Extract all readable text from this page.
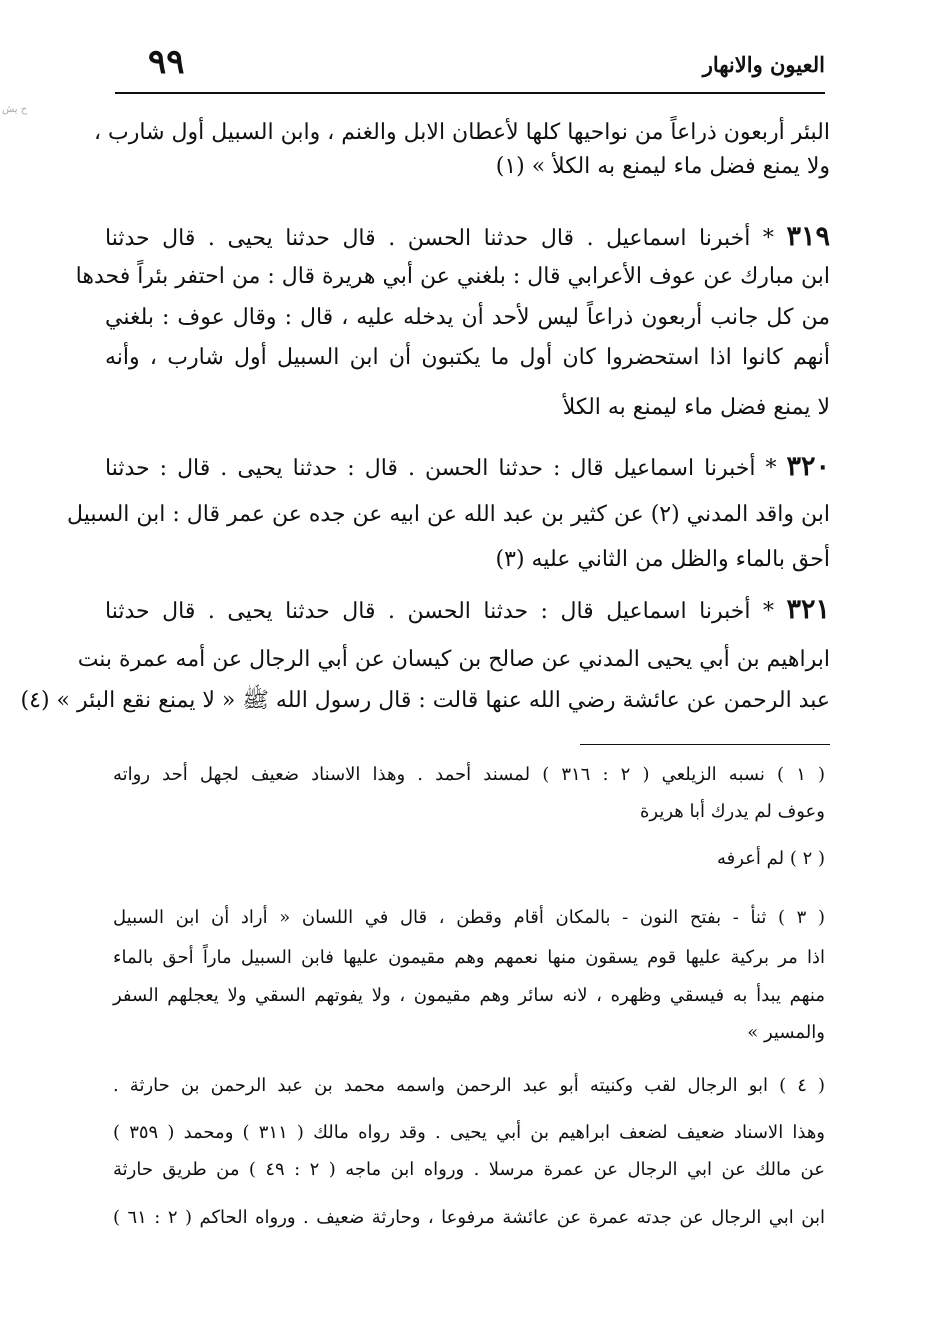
٩٩	العيون والانهار
ح يش
البئر أربعون ذراعاً من نواحيها كلها لأعطان الابل والغنم ، وابن السبيل أول شارب ،
ولا يمنع فضل ماء ليمنع به الكلأ » (١)
٣١٩ * أخبرنا اسماعيل . قال حدثنا الحسن . قال حدثنا يحيى . قال حدثنا
ابن مبارك عن عوف الأعرابي قال : بلغني عن أبي هريرة قال : من احتفر بئراً فحدها
من كل جانب أربعون ذراعاً ليس لأحد أن يدخله عليه ، قال : وقال عوف : بلغني
أنهم كانوا اذا استحضروا كان أول ما يكتبون أن ابن السبيل أول شارب ، وأنه
لا يمنع فضل ماء ليمنع به الكلأ
٣٢٠ * أخبرنا اسماعيل قال : حدثنا الحسن . قال : حدثنا يحيى . قال : حدثنا
ابن واقد المدني (٢) عن كثير بن عبد الله عن ابيه عن جده عن عمر قال : ابن السبيل
أحق بالماء والظل من الثاني عليه (٣)
٣٢١ * أخبرنا اسماعيل قال : حدثنا الحسن . قال حدثنا يحيى . قال حدثنا
ابراهيم بن أبي يحيى المدني عن صالح بن كيسان عن أبي الرجال عن أمه عمرة بنت
عبد الرحمن عن عائشة رضي الله عنها قالت : قال رسول الله ﷺ « لا يمنع نقع البئر » (٤)
( ١ ) نسبه الزيلعي ( ٢ : ٣١٦ ) لمسند أحمد . وهذا الاسناد ضعيف لجهل أحد رواته
وعوف لم يدرك أبا هريرة
( ٢ ) لم أعرفه
( ٣ ) ثنأ - بفتح النون - بالمكان أقام وقطن ، قال في اللسان « أراد أن ابن السبيل
اذا مر بركية عليها قوم يسقون منها نعمهم وهم مقيمون عليها فابن السبيل ماراً أحق بالماء
منهم يبدأ به فيسقي وظهره ، لانه سائر وهم مقيمون ، ولا يفوتهم السقي ولا يعجلهم السفر
والمسير »
( ٤ ) ابو الرجال لقب وكنيته أبو عبد الرحمن واسمه محمد بن عبد الرحمن بن حارثة .
وهذا الاسناد ضعيف لضعف ابراهيم بن أبي يحيى . وقد رواه مالك ( ٣١١ ) ومحمد ( ٣٥٩ )
عن مالك عن ابي الرجال عن عمرة مرسلا . ورواه ابن ماجه ( ٢ : ٤٩ ) من طريق حارثة
ابن ابي الرجال عن جدته عمرة عن عائشة مرفوعا ، وحارثة ضعيف . ورواه الحاكم ( ٢ : ٦١ )
